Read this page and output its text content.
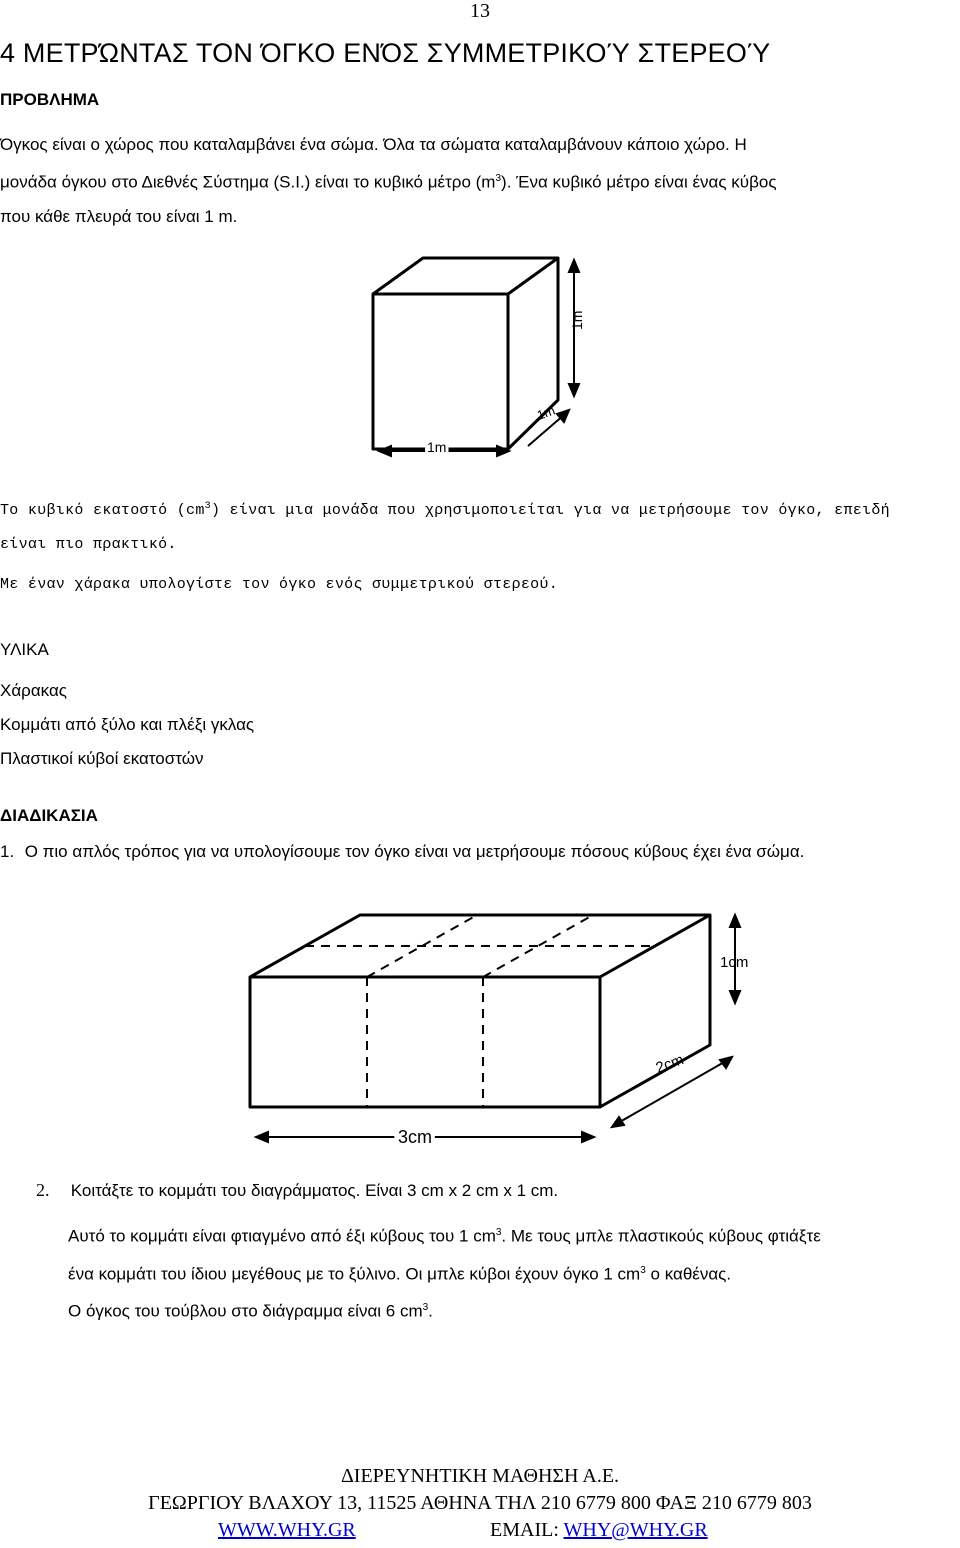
13
4 ΜΕΤΡΏΝΤΑΣ ΤΟΝ ΌΓΚΟ ΕΝΌΣ ΣΥΜΜΕΤΡΙΚΟΎ ΣΤΕΡΕΟΎ
ΠΡΟΒΛΗΜΑ
Όγκος είναι ο χώρος που καταλαμβάνει ένα σώμα. Όλα τα σώματα καταλαμβάνουν κάποιο χώρο. Η
μονάδα όγκου στο Διεθνές Σύστημα (S.I.) είναι το κυβικό μέτρο $(m^3)$. Ένα κυβικό μέτρο είναι ένας κύβος
που κάθε πλευρά του είναι 1 m.
1m
1m
1m
Το κυβικό εκατοστό $(cm^3)$ είναι μια μονάδα που χρησιμοποιείται για να μετρήσουμε τον όγκο, επειδή
είναι πιο πρακτικό.
Με έναν χάρακα υπολογίστε τον όγκο ενός συμμετρικού στερεού.
ΥΛΙΚΑ
Χάρακας
Κομμάτι από ξύλο και πλέξι γκλας
Πλαστικοί κύβοί εκατοστών
ΔΙΑΔΙΚΑΣΙΑ
1. Ο πιο απλός τρόπος για να υπολογίσουμε τον όγκο είναι να μετρήσουμε πόσους κύβους έχει ένα σώμα.
1cm
2cm
3cm
2. Κοιτάξτε το κομμάτι του διαγράμματος. Είναι 3 cm x 2 cm x 1 cm.
Αυτό το κομμάτι είναι φτιαγμένο από έξι κύβους του 1 $cm^3$. Με τους μπλε πλαστικούς κύβους φτιάξτε
ένα κομμάτι του ίδιου μεγέθους με το ξύλινο. Οι μπλε κύβοι έχουν όγκο 1 $cm^3$ ο καθένας.
Ο όγκος του τούβλου στο διάγραμμα είναι 6 $cm^3$.
ΔΙΕΡΕΥΝΗΤΙΚΗ ΜΑΘΗΣΗ Α.Ε.
ΓΕΩΡΓΙΟΥ ΒΛΑΧΟΥ 13, 11525 ΑΘΗΝΑ ΤΗΛ 210 6779 800 ΦΑΞ 210 6779 803
WWW.WHY.GR	EMAIL: WHY@WHY.GR
